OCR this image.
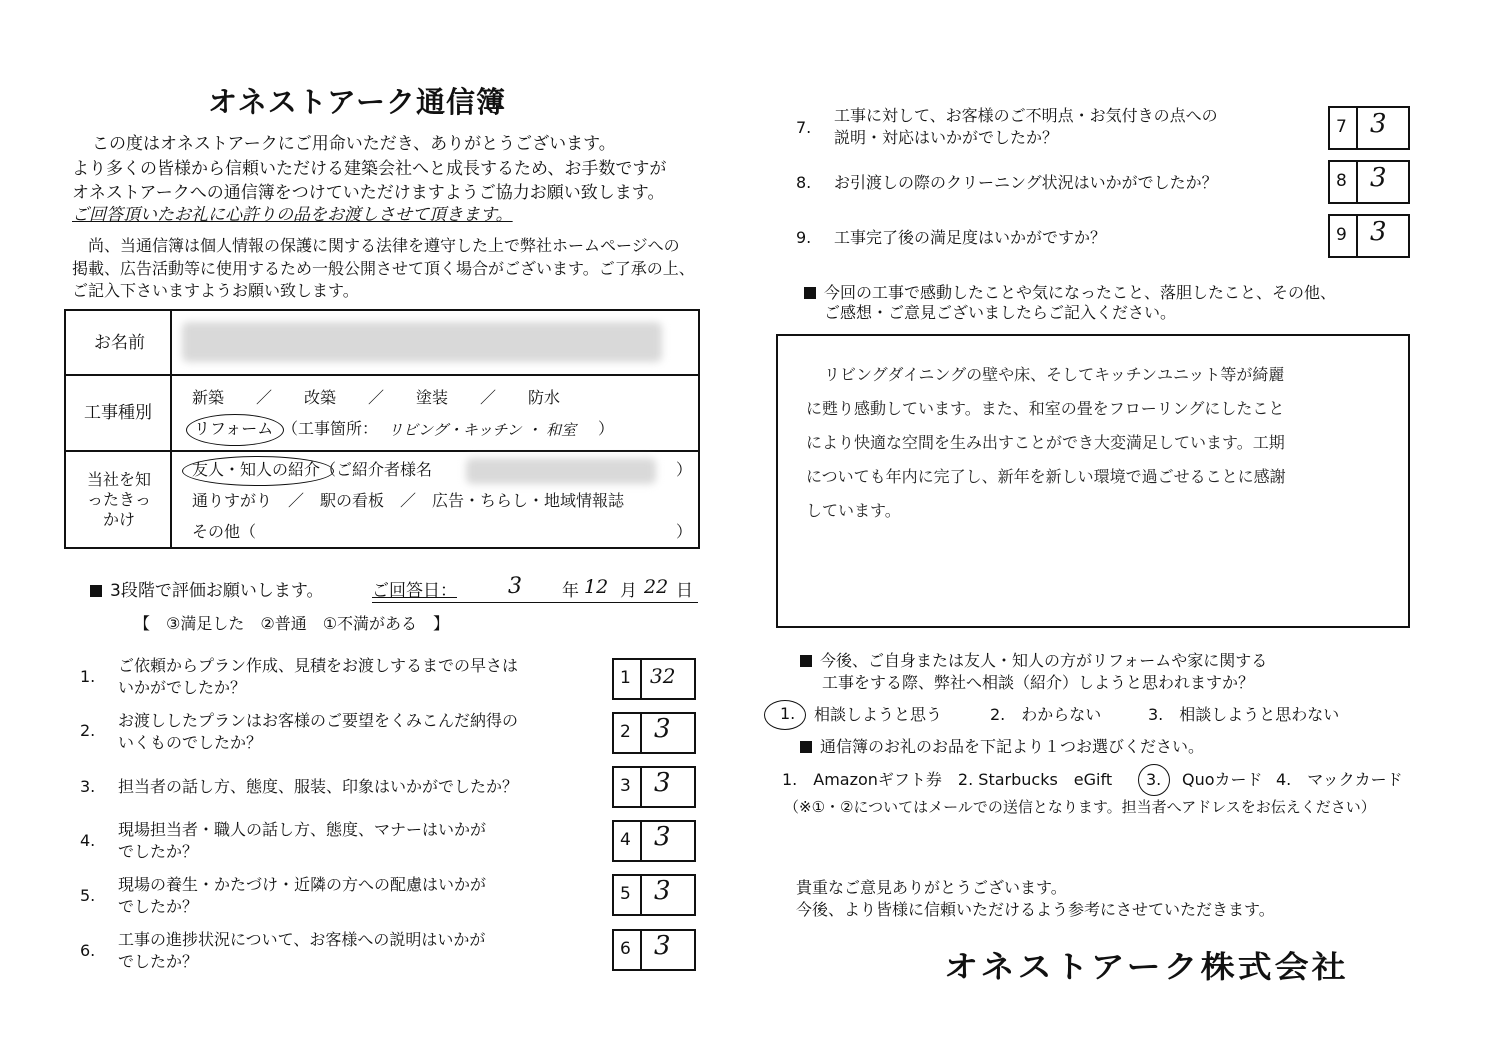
オネストアーク通信簿
この度はオネストアークにご用命いただき、ありがとうございます。
より多くの皆様から信頼いただける建築会社へと成長するため、お手数ですが
オネストアークへの通信簿をつけていただけますようご協力お願い致します。
ご回答頂いたお礼に心許りの品をお渡しさせて頂きます。
尚、当通信簿は個人情報の保護に関する法律を遵守した上で弊社ホームページへの
掲載、広告活動等に使用するため一般公開させて頂く場合がございます。ご了承の上、
ご記入下さいますようお願い致します。
お名前
工事種別
新築　　／　　改築　　／　　塗装　　／　　防水
リフォーム （工事箇所： リビング・キッチン ・ 和室 ）
当社を知ったきっかけ
友人・知人の紹介（ご紹介者様名	）
通りすがり　／　駅の看板　／　広告・ちらし・地域情報誌
その他（	）
3段階で評価お願いします。	ご回答日： 3 年 12 月 22 日
【　③満足した　②普通　①不満がある　】
1.
ご依頼からプラン作成、見積をお渡しするまでの早さは
いかがでしたか？	1 32
2.
お渡ししたプランはお客様のご要望をくみこんだ納得の
いくものでしたか？
2 3
3. 担当者の話し方、態度、服装、印象はいかがでしたか？	3 3
4.
現場担当者・職人の話し方、態度、マナーはいかが
でしたか？
4 3
5.
現場の養生・かたづけ・近隣の方への配慮はいかが
でしたか？
5 3
6.
工事の進捗状況について、お客様への説明はいかが
でしたか？
6 3
7.
工事に対して、お客様のご不明点・お気付きの点への
説明・対応はいかがでしたか？
7 3
8. お引渡しの際のクリーニング状況はいかがでしたか？	8 3
9. 工事完了後の満足度はいかがですか？	9 3
今回の工事で感動したことや気になったこと、落胆したこと、その他、
ご感想・ご意見ございましたらご記入ください。
リビングダイニングの壁や床、そしてキッチンユニット等が綺麗
に甦り感動しています。また、和室の畳をフローリングにしたこと
により快適な空間を生み出すことができ大変満足しています。工期
についても年内に完了し、新年を新しい環境で過ごせることに感謝
しています。
今後、ご自身または友人・知人の方がリフォームや家に関する
工事をする際、弊社へ相談（紹介）しようと思われますか？
1. 相談しようと思う	2.　わからない	3.　相談しようと思わない
通信簿のお礼のお品を下記より１つお選びください。
1.　Amazonギフト券　2. Starbucks　eGift 3. Quoカード 4.　マックカード
（※①・②についてはメールでの送信となります。担当者へアドレスをお伝えください）
貴重なご意見ありがとうございます。
今後、より皆様に信頼いただけるよう参考にさせていただきます。
オネストアーク株式会社
